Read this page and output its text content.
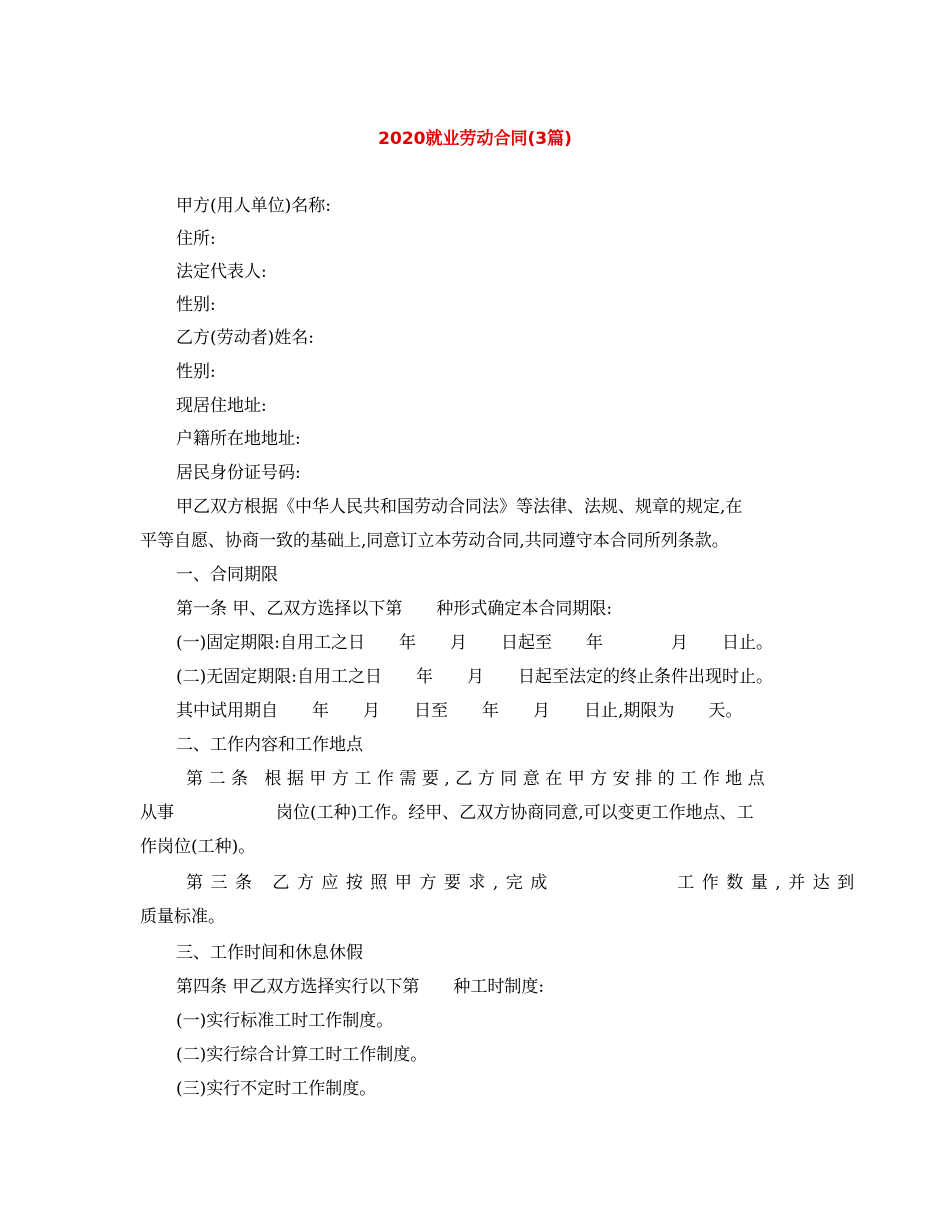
2020就业劳动合同(3篇)
甲方(用人单位)名称:
住所:
法定代表人:
性别:
乙方(劳动者)姓名:
性别:
现居住地址:
户籍所在地地址:
居民身份证号码:
甲乙双方根据《中华人民共和国劳动合同法》等法律、法规、规章的规定,在
平等自愿、协商一致的基础上,同意订立本劳动合同,共同遵守本合同所列条款。
一、合同期限
第一条 甲、乙双方选择以下第　　种形式确定本合同期限:
(一)固定期限:自用工之日　　年　　月　　日起至　　年　　　　月　　日止。
(二)无固定期限:自用工之日　　年　　月　　日起至法定的终止条件出现时止。
其中试用期自　　年　　月　　日至　　年　　月　　日止,期限为　　天。
二、工作内容和工作地点
第二条 根据甲方工作需要,乙方同意在甲方安排的工作地点
从事　　　　　　岗位(工种)工作。经甲、乙双方协商同意,可以变更工作地点、工
作岗位(工种)。
第三条 乙方应按照甲方要求,完成　　　　　工作数量,并达到
质量标准。
三、工作时间和休息休假
第四条 甲乙双方选择实行以下第　　种工时制度:
(一)实行标准工时工作制度。
(二)实行综合计算工时工作制度。
(三)实行不定时工作制度。
